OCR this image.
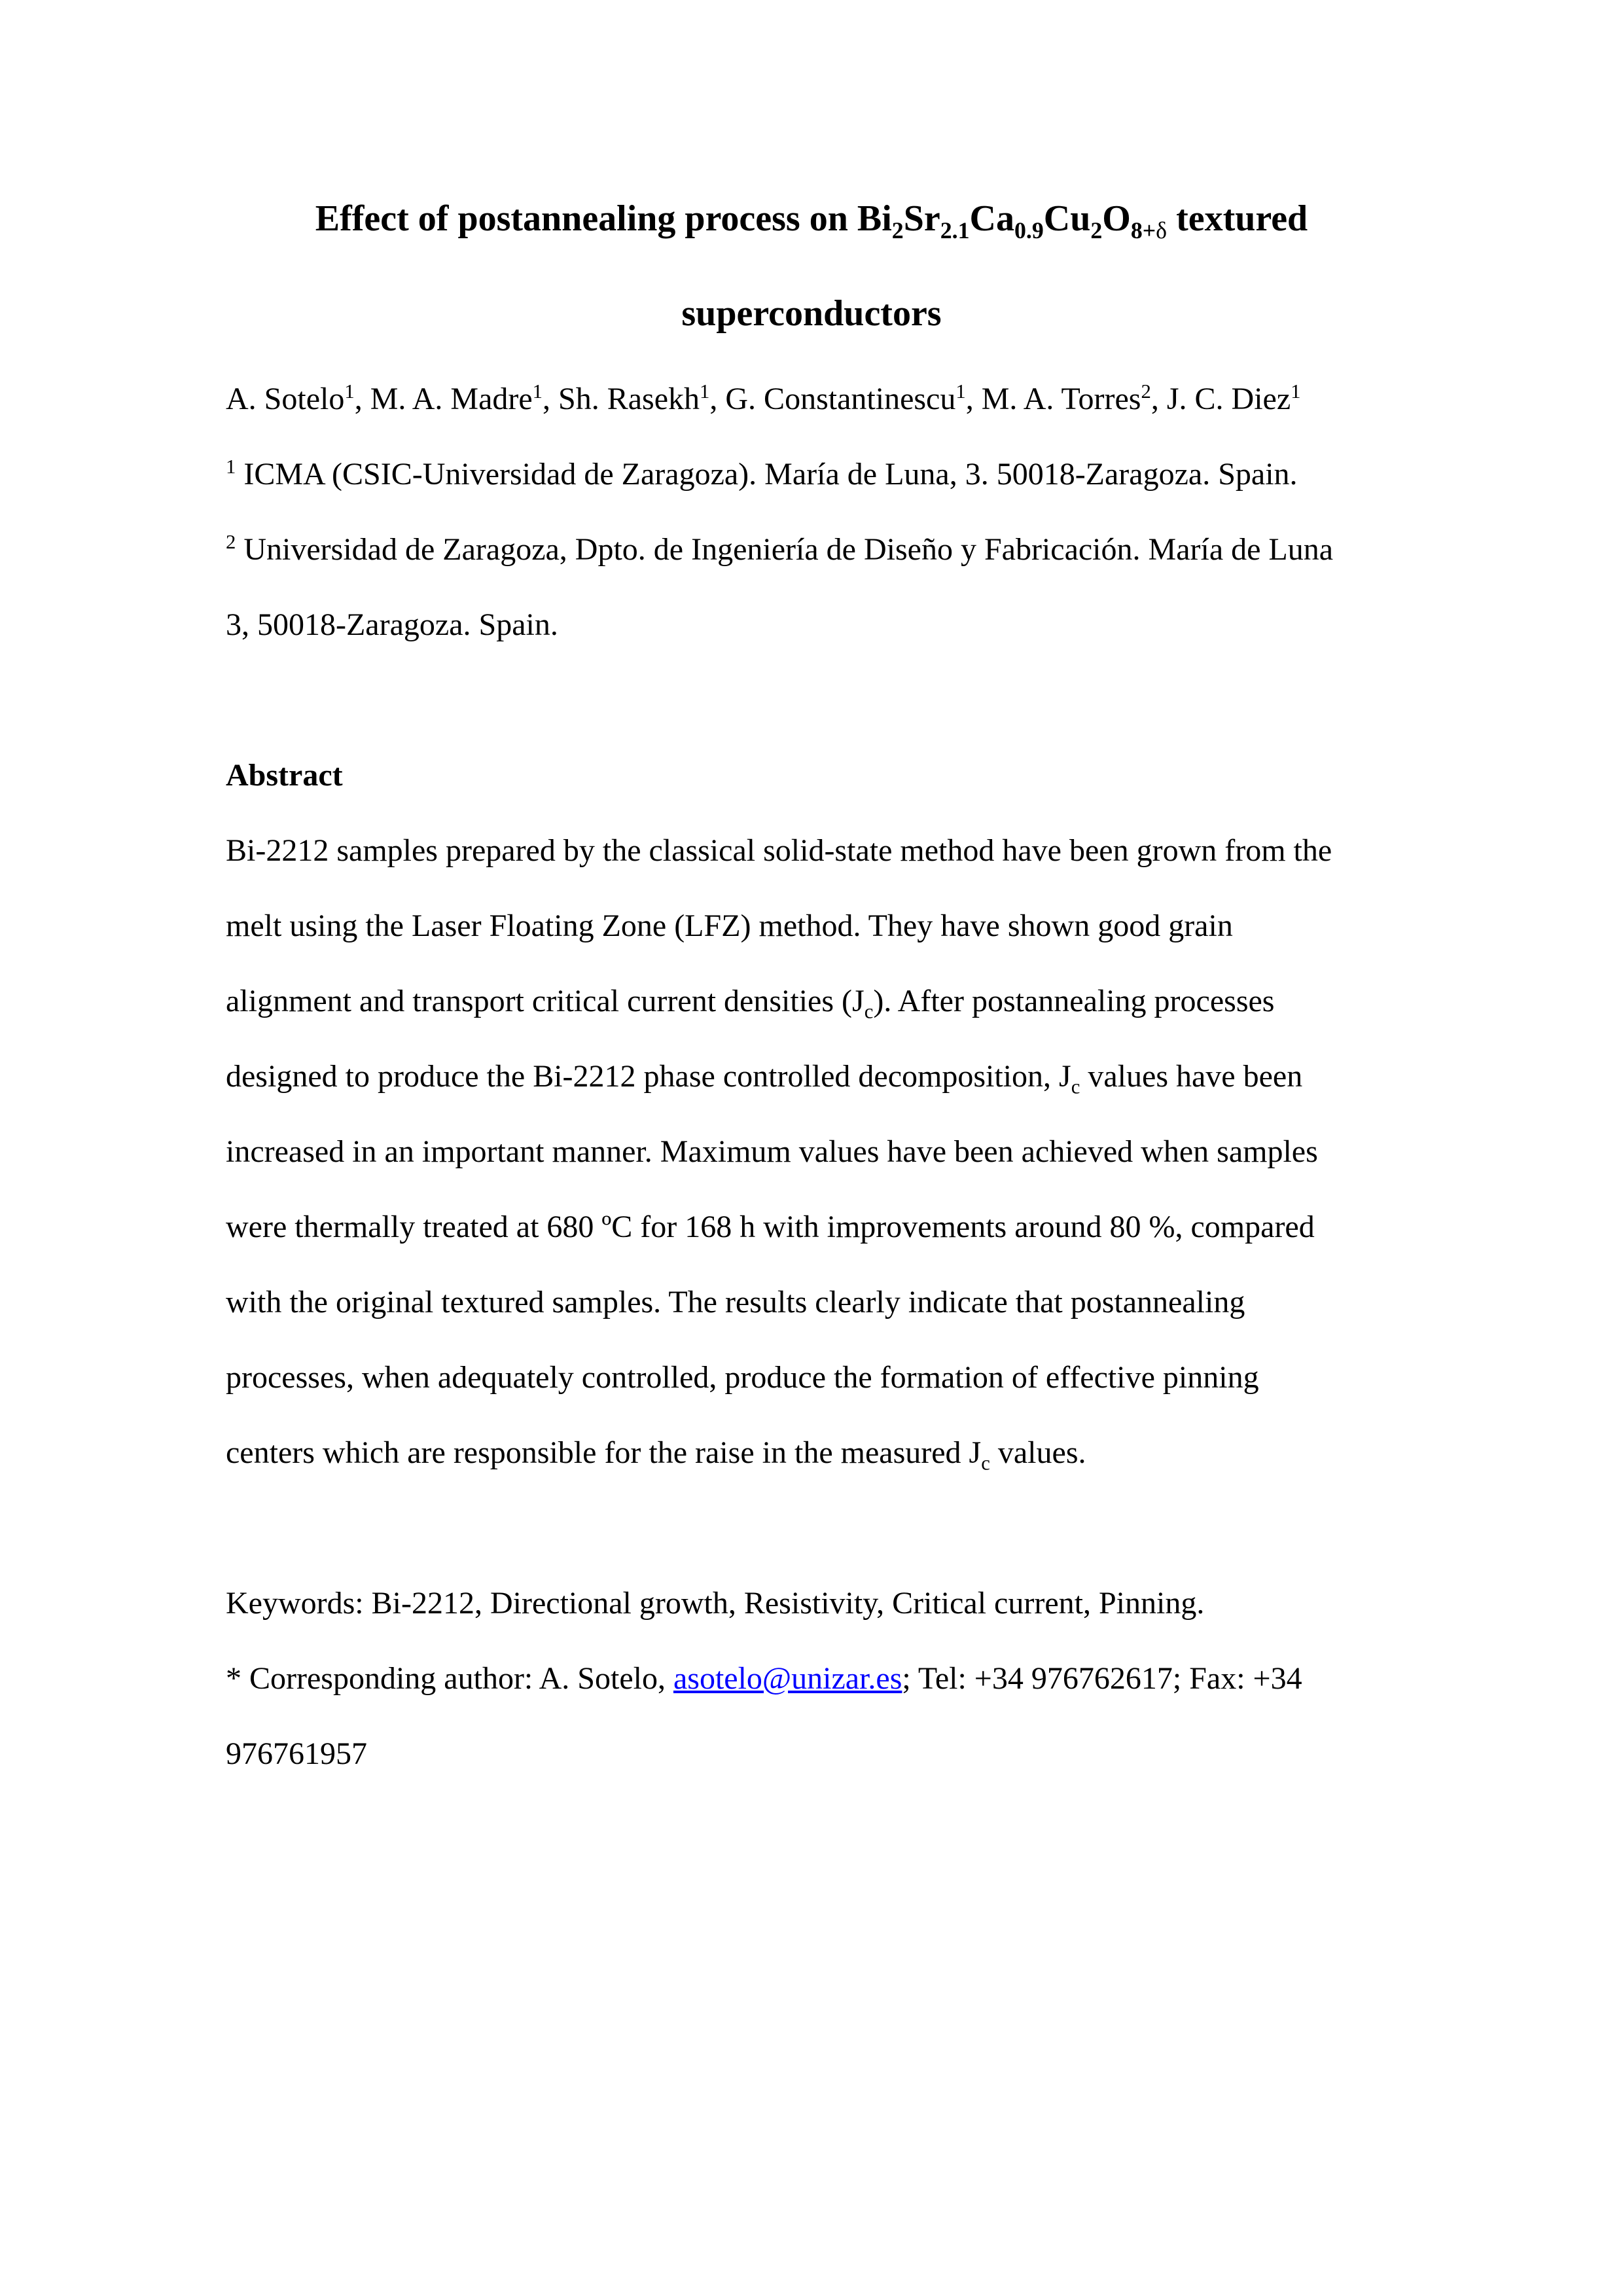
Effect of postannealing process on $Bi_2Sr_{2.1}Ca_{0.9}Cu_2O_{8+\delta}$ textured
superconductors

A. Sotelo$^1$, M. A. Madre$^1$, Sh. Rasekh$^1$, G. Constantinescu$^1$, M. A. Torres$^2$, J. C. Diez$^1$

$^1$ ICMA (CSIC-Universidad de Zaragoza). María de Luna, 3. 50018-Zaragoza. Spain.

$^2$ Universidad de Zaragoza, Dpto. de Ingeniería de Diseño y Fabricación. María de Luna

3, 50018-Zaragoza. Spain.

Abstract

Bi-2212 samples prepared by the classical solid-state method have been grown from the

melt using the Laser Floating Zone (LFZ) method. They have shown good grain

alignment and transport critical current densities $(J_c)$. After postannealing processes

designed to produce the Bi-2212 phase controlled decomposition, $J_c$ values have been

increased in an important manner. Maximum values have been achieved when samples

were thermally treated at 680 ºC for 168 h with improvements around 80 %, compared

with the original textured samples. The results clearly indicate that postannealing

processes, when adequately controlled, produce the formation of effective pinning

centers which are responsible for the raise in the measured $J_c$ values.

Keywords: Bi-2212, Directional growth, Resistivity, Critical current, Pinning.

* Corresponding author: A. Sotelo, asotelo@unizar.es; Tel: +34 976762617; Fax: +34

976761957
